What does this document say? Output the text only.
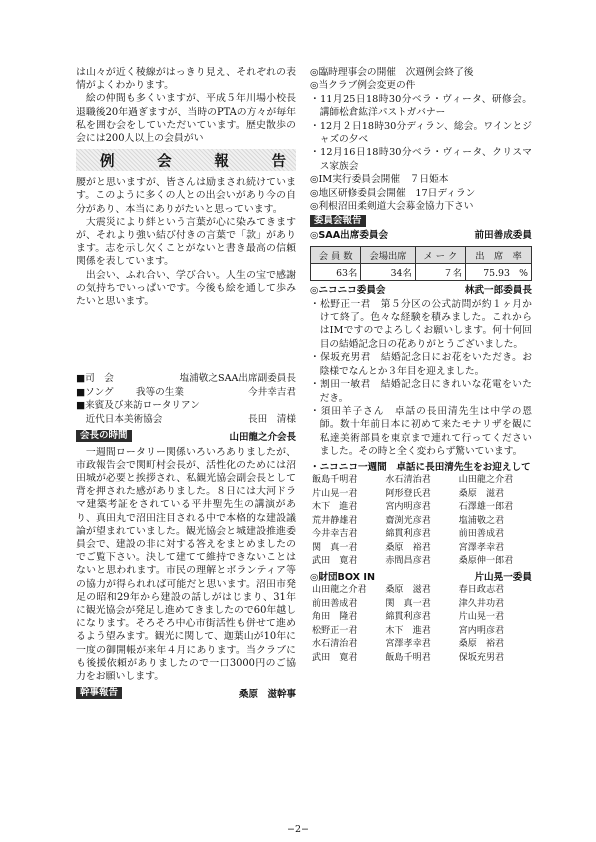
は山々が近く稜線がはっきり見え、それぞれの表情がよくわかります。

絵の仲間も多くいますが、平成５年川場小校長退職後20年過ぎますが、当時のPTAの方々が毎年私を囲む会をしていただいています。歴史散歩の会には200人以上の会員がい

例	会	報	告

腰がと思いますが、皆さんは励まされ続けています。このように多くの人との出会いがあり今の自分があり、本当にありがたいと思っています。

大震災により絆という言葉が心に染みてきますが、それより強い結び付きの言葉で「款」があります。志を示し欠くことがないと書き最高の信頼関係を表しています。

出会い、ふれ合い、学び合い。人生の宝で感謝の気持ちでいっぱいです。今後も絵を通して歩みたいと思います。

■司　会	塩浦敬之SAA出席副委員長
■ソング	我等の生業	今井幸吉君
■来賓及び来訪ロータリアン
　近代日本美術協会	長田　清様
会長の時間	山田龍之介会長

一週間ロータリー関係いろいろありましたが、市政報告会で関町村会長が、活性化のためには沼田城が必要と挨拶され、私観光協会副会長として背を押された感がありました。８日には大河ドラマ建築考証をされている平井聖先生の講演があり、真田丸で沼田注目される中で本格的な建設議論が望まれていました。観光協会と城建設推進委員会で、建設の非に対する答えをまとめましたのでご覧下さい。決して建てて維持できないことはないと思われます。市民の理解とボランティア等の協力が得られれば可能だと思います。沼田市発足の昭和29年から建設の話しがはじまり、31年に観光協会が発足し進めてきましたので60年越しになります。そろそろ中心市街活性も併せて進めるよう望みます。観光に関して、迦葉山が10年に一度の御開帳が来年４月にあります。当クラブにも後援依頼がありましたので一口3000円のご協力をお願いします。

幹事報告	桑原　滋幹事
◎臨時理事会の開催　次週例会終了後
◎当クラブ例会変更の件
・11月25日18時30分ベラ・ヴィータ、研修会。講師松倉紘洋パストガバナー
・12月２日18時30分ディラン、総会。ワインとジャズの夕べ
・12月16日18時30分ベラ・ヴィータ、クリスマス家族会
◎IM実行委員会開催　７日姫本
◎地区研修委員会開催　17日ディラン
◎利根沼田柔剣道大会募金協力下さい
委員会報告
◎SAA出席委員会	前田善成委員
会 員 数	会場出席	メ ー ク	出　席　率
63名	34名	７名	75.93　%
◎ニコニコ委員会	林武一郎委員長
・松野正一君　第５分区の公式訪問が約１ヶ月かけて終了。色々な経験を積みました。これからはIMですのでよろしくお願いします。何十何回目の結婚記念日の花ありがとうございました。
・保坂充男君　結婚記念日にお花をいただき。お陰様でなんとか３年目を迎えました。
・割田一敏君　結婚記念日にきれいな花電をいただき。
・須田羊子さん　卓話の長田清先生は中学の恩師。数十年前日本に初めて来たモナリザを観に私達美術部員を東京まで連れて行ってくださいました。その時と全く変わらず驚いています。
・ニコニコ一週間　卓話に長田清先生をお迎えして
飯島千明君	水石清治君	山田龍之介君
片山晃一君	阿形登氏君	桑原　滋君
木下　進君	宮内明彦君	石澤雄一郎君
荒井静雄君	齋渕光彦君	塩浦敬之君
今井幸吉君	綿貫利彦君	前田善成君
関　真一君	桑原　裕君	宮澤孝幸君
武田　寛君	赤間昌彦君	桑原伸一郎君
◎財団BOX IN	片山晃一委員
山田龍之介君	桑原　滋君	春日政志君
前田善成君	関　真一君	津久井功君
角田　隆君	綿貫利彦君	片山晃一君
松野正一君	木下　進君	宮内明彦君
水石清治君	宮澤孝幸君	桑原　裕君
武田　寛君	飯島千明君	保坂充男君
−2−
